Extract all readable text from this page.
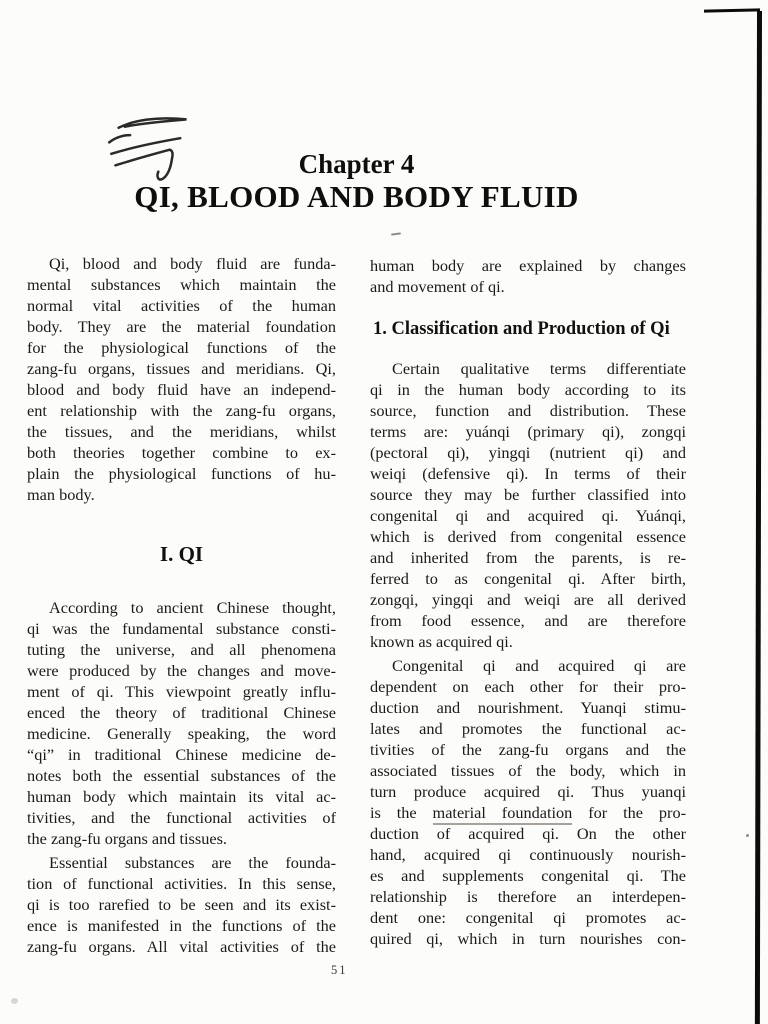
Chapter 4
QI, BLOOD AND BODY FLUID
Qi, blood and body fluid are funda-
mental substances which maintain the
normal vital activities of the human
body. They are the material foundation
for the physiological functions of the
zang-fu organs, tissues and meridians. Qi,
blood and body fluid have an independ-
ent relationship with the zang-fu organs,
the tissues, and the meridians, whilst
both theories together combine to ex-
plain the physiological functions of hu-
man body.
I. QI
According to ancient Chinese thought,
qi was the fundamental substance consti-
tuting the universe, and all phenomena
were produced by the changes and move-
ment of qi. This viewpoint greatly influ-
enced the theory of traditional Chinese
medicine. Generally speaking, the word
“qi” in traditional Chinese medicine de-
notes both the essential substances of the
human body which maintain its vital ac-
tivities, and the functional activities of
the zang-fu organs and tissues.
Essential substances are the founda-
tion of functional activities. In this sense,
qi is too rarefied to be seen and its exist-
ence is manifested in the functions of the
zang-fu organs. All vital activities of the
human body are explained by changes
and movement of qi.
1. Classification and Production of Qi
Certain qualitative terms differentiate
qi in the human body according to its
source, function and distribution. These
terms are: yuánqi (primary qi), zongqi
(pectoral qi), yingqi (nutrient qi) and
weiqi (defensive qi). In terms of their
source they may be further classified into
congenital qi and acquired qi. Yuánqi,
which is derived from congenital essence
and inherited from the parents, is re-
ferred to as congenital qi. After birth,
zongqi, yingqi and weiqi are all derived
from food essence, and are therefore
known as acquired qi.
Congenital qi and acquired qi are
dependent on each other for their pro-
duction and nourishment. Yuanqi stimu-
lates and promotes the functional ac-
tivities of the zang-fu organs and the
associated tissues of the body, which in
turn produce acquired qi. Thus yuanqi
is the material foundation for the pro-
duction of acquired qi. On the other
hand, acquired qi continuously nourish-
es and supplements congenital qi. The
relationship is therefore an interdepen-
dent one: congenital qi promotes ac-
quired qi, which in turn nourishes con-
51
